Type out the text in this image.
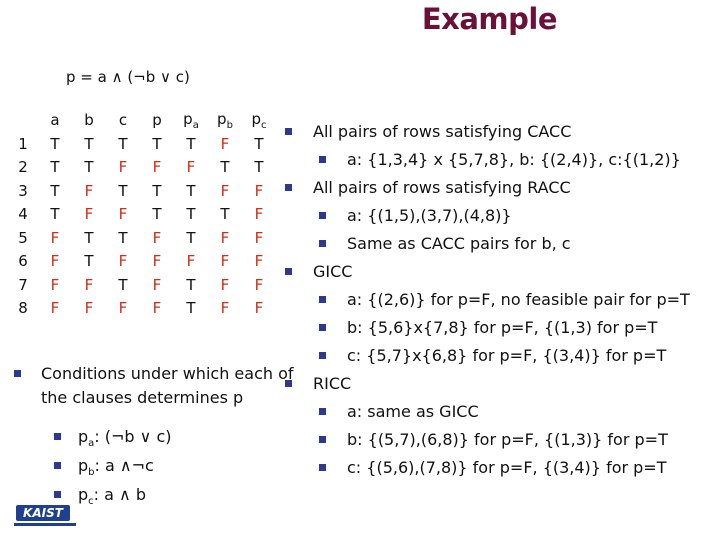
Example
p = a ∧ (¬b ∨ c)
	a	b	c	p	$p_a$	$p_b$	$p_c$
1	T	T	T	T	T	F	T
2	T	T	F	F	F	T	T
3	T	F	T	T	T	F	F
4	T	F	F	T	T	T	F
5	F	T	T	F	T	F	F
6	F	T	F	F	F	F	F
7	F	F	T	F	T	F	F
8	F	F	F	F	T	F	F
All pairs of rows satisfying CACC
a: {1,3,4} x {5,7,8}, b: {(2,4)}, c:{(1,2)}
All pairs of rows satisfying RACC
a: {(1,5),(3,7),(4,8)}
Same as CACC pairs for b, c
GICC
a: {(2,6)} for p=F, no feasible pair for p=T
b: {5,6}x{7,8} for p=F, {(1,3) for p=T
c: {5,7}x{6,8} for p=F, {(3,4)} for p=T
RICC
a: same as GICC
b: {(5,7),(6,8)} for p=F, {(1,3)} for p=T
c: {(5,6),(7,8)} for p=F, {(3,4)} for p=T
Conditions under which each of the clauses determines p
$p_a$: (¬b ∨ c)
$p_b$: a ∧¬c
$p_c$: a ∧ b
KAIST
